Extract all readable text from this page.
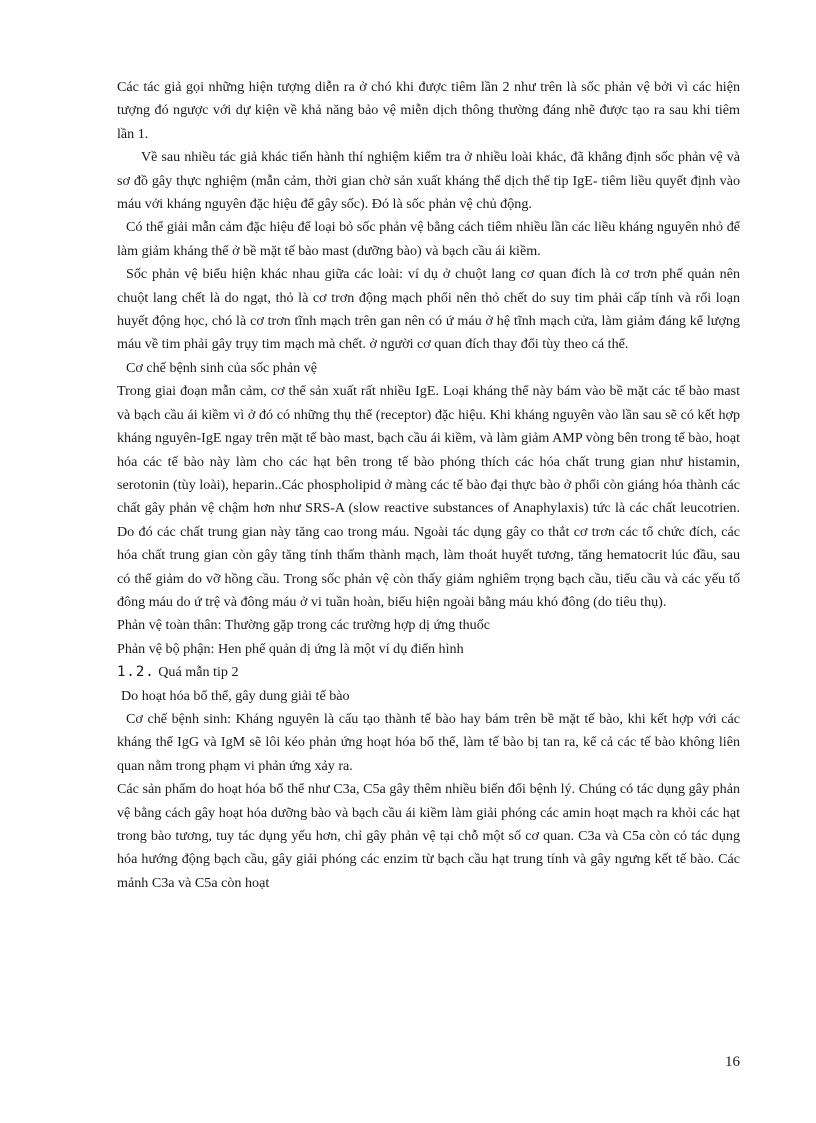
Các tác giả gọi những hiện tượng diễn ra ở chó khi được tiêm lần 2 như trên là sốc phản vệ bởi vì các hiện tượng đó ngược với dự kiện về khả năng bảo vệ miễn dịch thông thường đáng nhẽ được tạo ra sau khi tiêm lần 1.

Về sau nhiều tác giả khác tiến hành thí nghiệm kiểm tra ở nhiều loài khác, đã khẳng định sốc phản vệ và sơ đồ gây thực nghiệm (mẫn cảm, thời gian chờ sản xuất kháng thể dịch thể tip IgE- tiêm liều quyết định vào máu với kháng nguyên đặc hiệu để gây sốc). Đó là sốc phản vệ chủ động.

Có thể giải mẫn cảm đặc hiệu để loại bỏ sốc phản vệ bằng cách tiêm nhiều lần các liều kháng nguyên nhỏ để làm giảm kháng thể ở bề mặt tế bào mast (dưỡng bào) và bạch cầu ái kiềm.

Sốc phản vệ biểu hiện khác nhau giữa các loài: ví dụ ở chuột lang cơ quan đích là cơ trơn phế quản nên chuột lang chết là do ngạt, thỏ là cơ trơn động mạch phổi nên thỏ chết do suy tim phải cấp tính và rối loạn huyết động học, chó là cơ trơn tĩnh mạch trên gan nên có ứ máu ở hệ tĩnh mạch cửa, làm giảm đáng kể lượng máu về tim phải gây trụy tim mạch mà chết. ở người cơ quan đích thay đổi tùy theo cá thể.

Cơ chế bệnh sinh của sốc phản vệ

Trong giai đoạn mẫn cảm, cơ thể sản xuất rất nhiều IgE. Loại kháng thể này bám vào bề mặt các tế bào mast và bạch cầu ái kiềm vì ở đó có những thụ thể (receptor) đặc hiệu. Khi kháng nguyên vào lần sau sẽ có kết hợp kháng nguyên-IgE ngay trên mặt tế bào mast, bạch cầu ái kiềm, và làm giảm AMP vòng bên trong tế bào, hoạt hóa các tế bào này làm cho các hạt bên trong tế bào phóng thích các hóa chất trung gian như histamin, serotonin (tùy loài), heparin..Các phospholipid ở màng các tế bào đại thực bào ở phổi còn giáng hóa thành các chất gây phản vệ chậm hơn như SRS-A (slow reactive substances of Anaphylaxis) tức là các chất leucotrien. Do đó các chất trung gian này tăng cao trong máu. Ngoài tác dụng gây co thắt cơ trơn các tổ chức đích, các hóa chất trung gian còn gây tăng tính thấm thành mạch, làm thoát huyết tương, tăng hematocrit lúc đầu, sau có thể giảm do vỡ hồng cầu. Trong sốc phản vệ còn thấy giảm nghiêm trọng bạch cầu, tiểu cầu và các yếu tố đông máu do ứ trệ và đông máu ở vi tuần hoàn, biểu hiện ngoài bằng máu khó đông (do tiêu thụ).

Phản vệ toàn thân: Thường gặp trong các trường hợp dị ứng thuốc

Phản vệ bộ phận: Hen phế quản dị ứng là một ví dụ điển hình

1.2. Quá mẫn tip 2

Do hoạt hóa bổ thể, gây dung giải tế bào

Cơ chế bệnh sinh: Kháng nguyên là cấu tạo thành tế bào hay bám trên bề mặt tế bào, khi kết hợp với các kháng thể IgG và IgM sẽ lôi kéo phản ứng hoạt hóa bổ thể, làm tế bào bị tan ra, kể cả các tế bào không liên quan nằm trong phạm vi phản ứng xảy ra.

Các sản phẩm do hoạt hóa bổ thể như C3a, C5a gây thêm nhiều biến đổi bệnh lý. Chúng có tác dụng gây phản vệ bằng cách gây hoạt hóa dưỡng bào và bạch cầu ái kiềm làm giải phóng các amin hoạt mạch ra khỏi các hạt trong bào tương, tuy tác dụng yếu hơn, chỉ gây phản vệ tại chỗ một số cơ quan. C3a và C5a còn có tác dụng hóa hướng động bạch cầu, gây giải phóng các enzim từ bạch cầu hạt trung tính và gây ngưng kết tế bào. Các mảnh C3a và C5a còn hoạt

16
